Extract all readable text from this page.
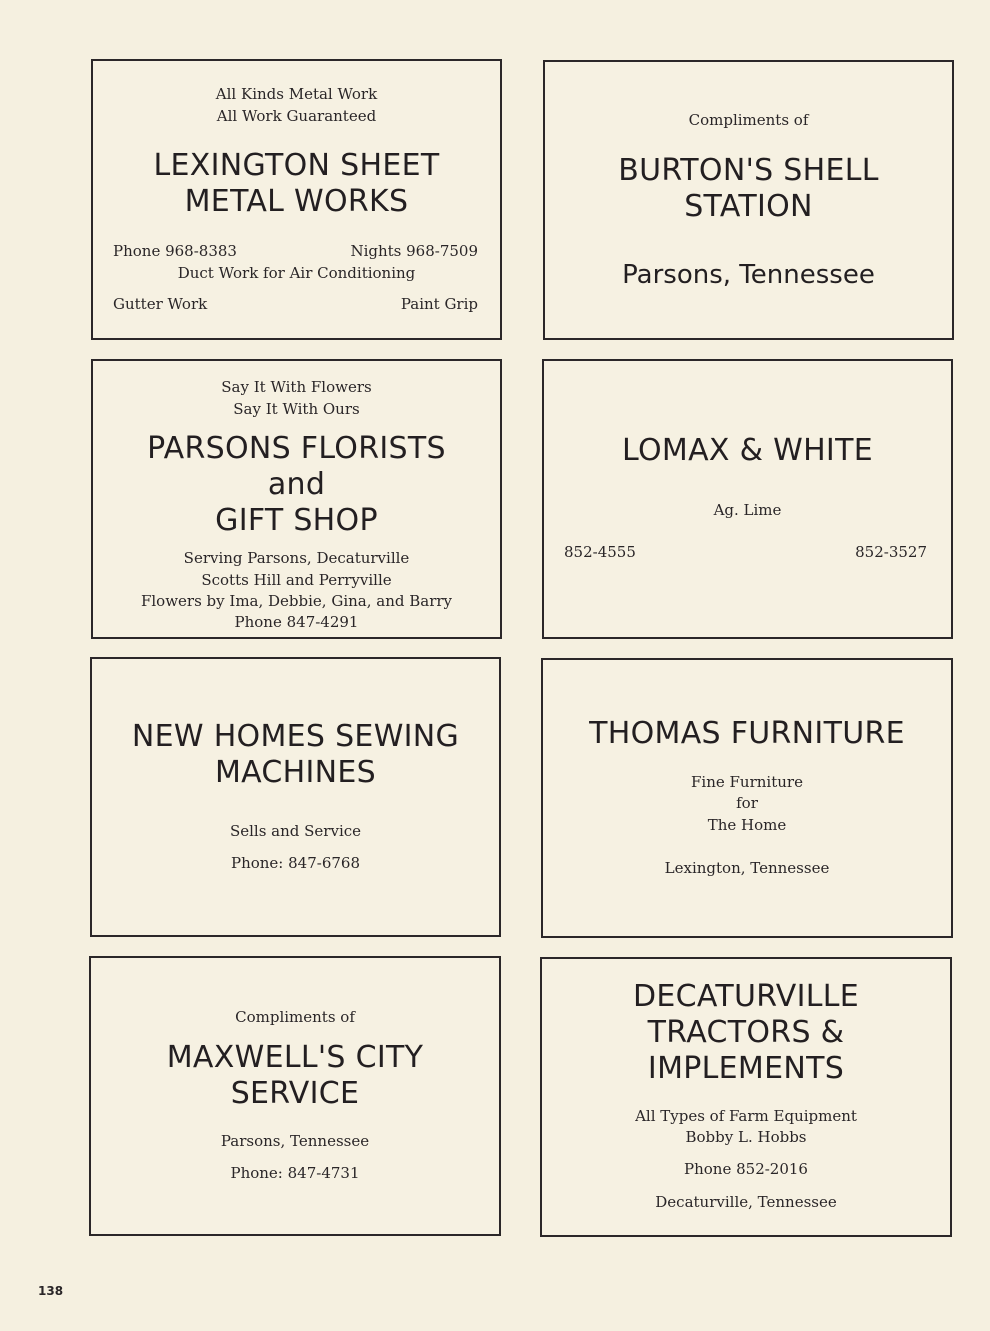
All Kinds Metal Work
All Work Guaranteed
LEXINGTON SHEET
METAL WORKS
Phone 968-8383	Nights 968-7509
Duct Work for Air Conditioning
Gutter Work	Paint Grip
Compliments of
BURTON'S SHELL
STATION
Parsons, Tennessee
Say It With Flowers
Say It With Ours
PARSONS FLORISTS
and
GIFT SHOP
Serving Parsons, Decaturville
Scotts Hill and Perryville
Flowers by Ima, Debbie, Gina, and Barry
Phone 847-4291
LOMAX & WHITE
Ag. Lime
852-4555	852-3527
NEW HOMES SEWING
MACHINES
Sells and Service
Phone: 847-6768
THOMAS FURNITURE
Fine Furniture
for
The Home
Lexington, Tennessee
Compliments of
MAXWELL'S CITY
SERVICE
Parsons, Tennessee
Phone: 847-4731
DECATURVILLE
TRACTORS &
IMPLEMENTS
All Types of Farm Equipment
Bobby L. Hobbs
Phone 852-2016
Decaturville, Tennessee
138
